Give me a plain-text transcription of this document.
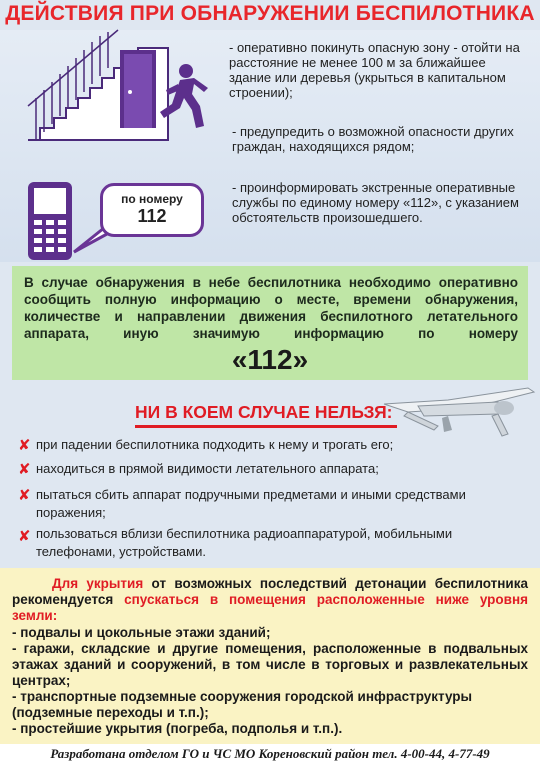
ДЕЙСТВИЯ ПРИ ОБНАРУЖЕНИИ БЕСПИЛОТНИКА
по номеру
112
- оперативно покинуть опасную зону - отойти на расстояние не менее 100 м за ближайшее здание или деревья (укрыться в капитальном строении);
- предупредить о возможной опасности других граждан, находящихся рядом;
- проинформировать экстренные оперативные службы по единому номеру «112», с указанием обстоятельств произошедшего.
В случае обнаружения в небе беспилотника необходимо оперативно сообщить полную информацию о месте, времени обнаружения, количестве и направлении движения беспилотного летательного аппарата, иную значимую информацию по номеру
«112»
НИ В КОЕМ СЛУЧАЕ НЕЛЬЗЯ:
✘ при падении беспилотника подходить к нему и трогать его;
✘ находиться в прямой видимости летательного аппарата;
✘ пытаться сбить аппарат подручными предметами и иными средствами поражения;
✘ пользоваться вблизи беспилотника радиоаппаратурой, мобильными телефонами, устройствами.
Для укрытия от возможных последствий детонации беспилотника рекомендуется спускаться в помещения расположенные ниже уровня земли:
- подвалы и цокольные этажи зданий;
- гаражи, складские и другие помещения, расположенные в подвальных этажах зданий и сооружений, в том числе в торговых и развлекательных центрах;
- транспортные подземные сооружения городской инфраструктуры (подземные переходы и т.п.);
- простейшие укрытия (погреба, подполья и т.п.).
Разработана отделом ГО и ЧС МО Кореновский район тел. 4-00-44, 4-77-49
